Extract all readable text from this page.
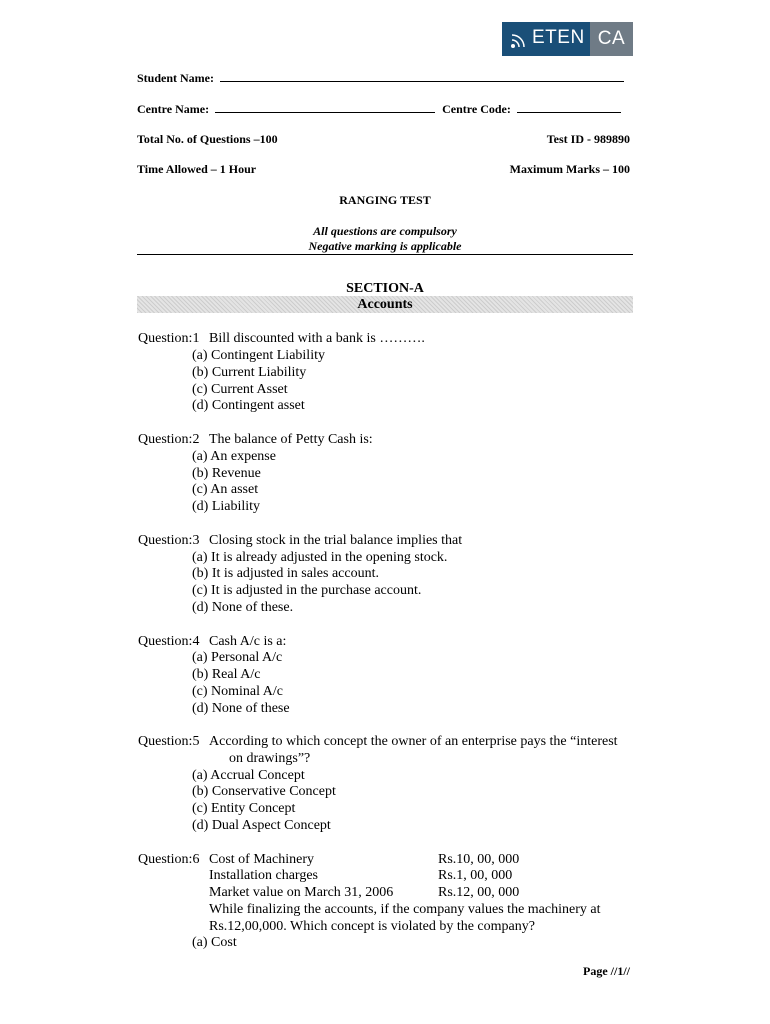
ETEN CA
Student Name:
Centre Name:	Centre Code:
Total No. of Questions –100	Test ID - 989890
Time Allowed – 1 Hour	Maximum Marks – 100
RANGING TEST
All questions are compulsory
Negative marking is applicable
SECTION-A
Accounts
Question:1 Bill discounted with a bank is ……….
(a) Contingent Liability
(b) Current Liability
(c) Current Asset
(d) Contingent asset
Question:2 The balance of Petty Cash is:
(a) An expense
(b) Revenue
(c) An asset
(d) Liability
Question:3 Closing stock in the trial balance implies that
(a) It is already adjusted in the opening stock.
(b) It is adjusted in sales account.
(c) It is adjusted in the purchase account.
(d) None of these.
Question:4 Cash A/c is a:
(a) Personal A/c
(b) Real A/c
(c) Nominal A/c
(d) None of these
Question:5 According to which concept the owner of an enterprise pays the “interest
on drawings”?
(a) Accrual Concept
(b) Conservative Concept
(c) Entity Concept
(d) Dual Aspect Concept
Question:6 Cost of Machinery	Rs.10, 00, 000
Installation charges	Rs.1, 00, 000
Market value on March 31, 2006	Rs.12, 00, 000
While finalizing the accounts, if the company values the machinery at
Rs.12,00,000. Which concept is violated by the company?
(a) Cost
Page //1//
